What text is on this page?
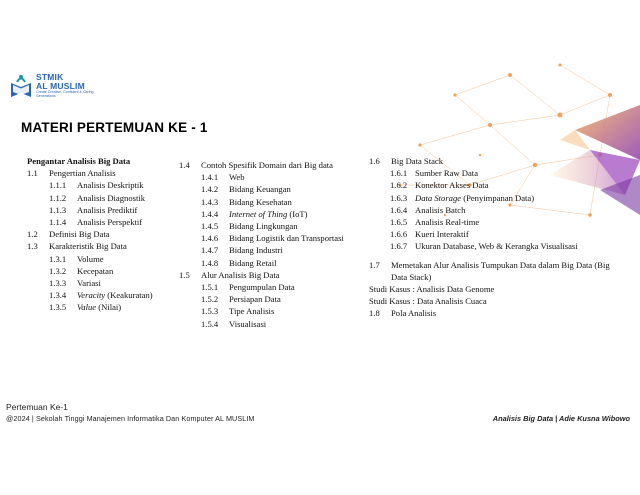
STMIK
AL MUSLIM
Create Creative, Confident & Caring Generations
MATERI PERTEMUAN KE - 1
Pengantar Analisis Big Data
1.1	Pengertian Analisis
1.1.1	Analisis Deskriptik
1.1.2	Analisis Diagnostik
1.1.3	Analisis Prediktif
1.1.4	Analisis Perspektif
1.2	Definisi Big Data
1.3	Karakteristik Big Data
1.3.1	Volume
1.3.2	Kecepatan
1.3.3	Variasi
1.3.4	Veracity (Keakuratan)
1.3.5	Value (Nilai)
1.4	Contoh Spesifik Domain dari Big data
1.4.1	Web
1.4.2	Bidang Keuangan
1.4.3	Bidang Kesehatan
1.4.4	Internet of Thing (IoT)
1.4.5	Bidang Lingkungan
1.4.6	Bidang Logistik dan Transportasi
1.4.7	Bidang Industri
1.4.8	Bidang Retail
1.5	Alur Analisis Big Data
1.5.1	Pengumpulan Data
1.5.2	Persiapan Data
1.5.3	Tipe Analisis
1.5.4	Visualisasi
1.6	Big Data Stack
1.6.1 Sumber Raw Data
1.6.2 Konektor Akses Data
1.6.3 Data Storage (Penyimpanan Data)
1.6.4 Analisis Batch
1.6.5 Analisis Real-time
1.6.6 Kueri Interaktif
1.6.7 Ukuran Database, Web & Kerangka Visualisasi
1.7	Memetakan Alur Analisis Tumpukan Data dalam Big Data (Big Data Stack)
Studi Kasus : Analisis Data Genome
Studi Kasus : Data Analisis Cuaca
1.8	Pola Analisis
Pertemuan Ke-1
@2024 | Sekolah Tinggi Manajemen Informatika Dan Komputer AL MUSLIM	Analisis Big Data | Adie Kusna Wibowo
